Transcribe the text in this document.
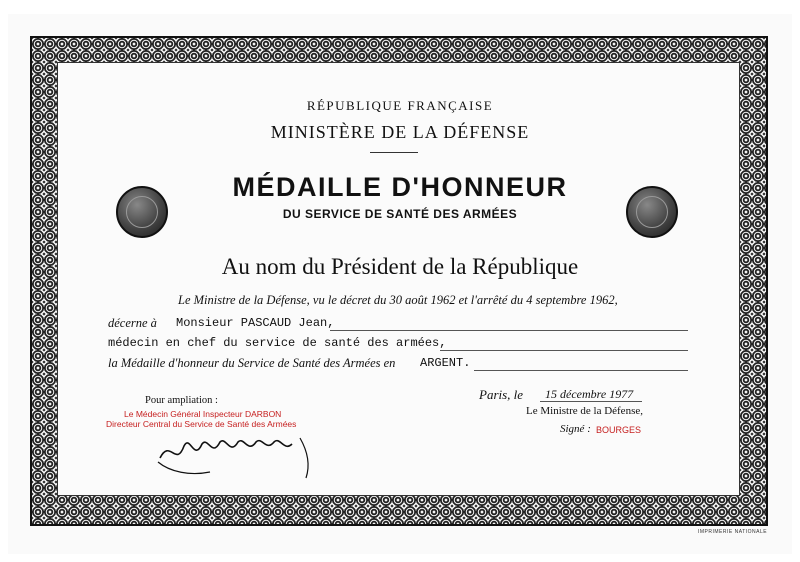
RÉPUBLIQUE FRANÇAISE
MINISTÈRE DE LA DÉFENSE
MÉDAILLE D'HONNEUR
DU SERVICE DE SANTÉ DES ARMÉES
Au nom du Président de la République
Le Ministre de la Défense, vu le décret du 30 août 1962 et l'arrêté du 4 septembre 1962,
décerne à Monsieur PASCAUD Jean,
médecin en chef du service de santé des armées,
la Médaille d'honneur du Service de Santé des Armées en ARGENT.
Paris, le 15 décembre 1977
Le Ministre de la Défense,
Signé : BOURGES
Pour ampliation :
Le Médecin Général Inspecteur DARBON
Directeur Central du Service de Santé des Armées
IMPRIMERIE NATIONALE
